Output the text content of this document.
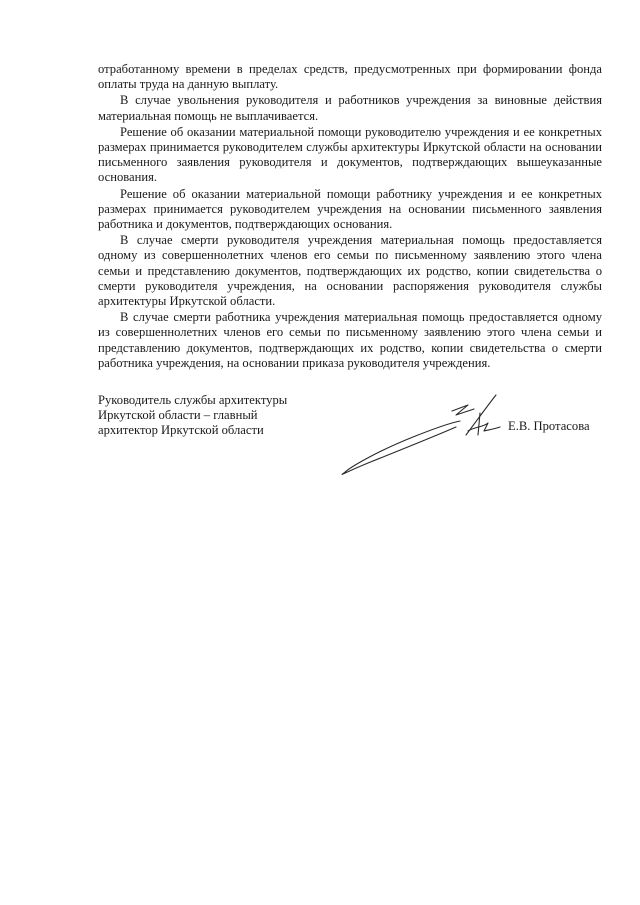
отработанному времени в пределах средств, предусмотренных при формировании фонда оплаты труда на данную выплату.

В случае увольнения руководителя и работников учреждения за виновные действия материальная помощь не выплачивается.

Решение об оказании материальной помощи руководителю учреждения и ее конкретных размерах принимается руководителем службы архитектуры Иркутской области на основании письменного заявления руководителя и документов, подтверждающих вышеуказанные основания.

Решение об оказании материальной помощи работнику учреждения и ее конкретных размерах принимается руководителем учреждения на основании письменного заявления работника и документов, подтверждающих основания.

В случае смерти руководителя учреждения материальная помощь предоставляется одному из совершеннолетних членов его семьи по письменному заявлению этого члена семьи и представлению документов, подтверждающих их родство, копии свидетельства о смерти руководителя учреждения, на основании распоряжения руководителя службы архитектуры Иркутской области.

В случае смерти работника учреждения материальная помощь предоставляется одному из совершеннолетних членов его семьи по письменному заявлению этого члена семьи и представлению документов, подтверждающих их родство, копии свидетельства о смерти работника учреждения, на основании приказа руководителя учреждения.

Руководитель службы архитектуры
Иркутской области – главный
архитектор Иркутской области	Е.В. Протасова
